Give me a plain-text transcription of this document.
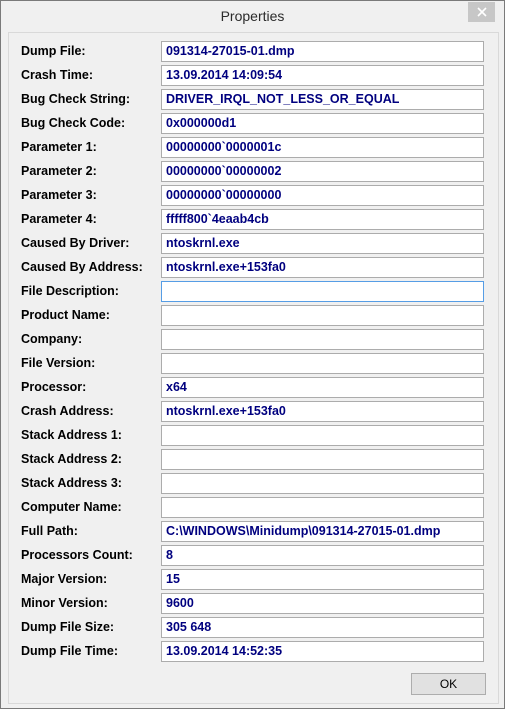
Properties
OK
Dump File:	091314-27015-01.dmp
Crash Time:	13.09.2014 14:09:54
Bug Check String:	DRIVER_IRQL_NOT_LESS_OR_EQUAL
Bug Check Code:	0x000000d1
Parameter 1:	00000000`0000001c
Parameter 2:	00000000`00000002
Parameter 3:	00000000`00000000
Parameter 4:	fffff800`4eaab4cb
Caused By Driver:	ntoskrnl.exe
Caused By Address:	ntoskrnl.exe+153fa0
File Description:
Product Name:
Company:
File Version:
Processor:	x64
Crash Address:	ntoskrnl.exe+153fa0
Stack Address 1:
Stack Address 2:
Stack Address 3:
Computer Name:
Full Path:	C:\WINDOWS\Minidump\091314-27015-01.dmp
Processors Count:	8
Major Version:	15
Minor Version:	9600
Dump File Size:	305 648
Dump File Time:	13.09.2014 14:52:35
